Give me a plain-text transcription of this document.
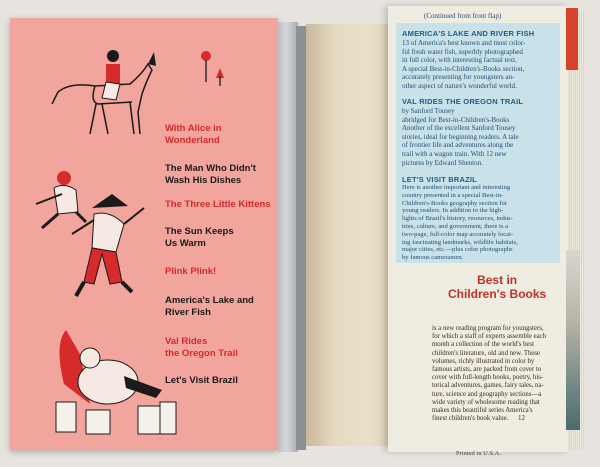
With Alice in
Wonderland
The Man Who Didn't
Wash His Dishes
The Three Little Kittens
The Sun Keeps
Us Warm
Plink Plink!
America's Lake and
River Fish
Val Rides
the Oregon Trail
Let's Visit Brazil
(Continued from front flap)
AMERICA'S LAKE AND RIVER FISH
13 of America's best known and most color-
ful fresh water fish, superbly photographed
in full color, with interesting factual text.
A special Best-in-Children's-Books section,
accurately presenting for youngsters an-
other aspect of nature's wonderful world.
VAL RIDES THE OREGON TRAIL
by Sanford Tousey
abridged for Best-in-Children's-Books
Another of the excellent Sanford Tousey
stories, ideal for beginning readers. A tale
of frontier life and adventures along the
trail with a wagon train. With 12 new
pictures by Edward Shenton.
LET'S VISIT BRAZIL
Here is another important and interesting
country presented in a special Best-in-
Children's-Books geography section for
young readers. In addition to the high-
lights of Brazil's history, resources, indus-
tries, culture, and government, there is a
two-page, full-color map accurately locat-
ing fascinating landmarks, wildlife habitats,
major cities, etc.—plus color photographs
by famous cameramen.
Best in
Children's Books
is a new reading program for youngsters,
for which a staff of experts assemble each
month a collection of the world's best
children's literature, old and new. These
volumes, richly illustrated in color by
famous artists, are packed from cover to
cover with full-length books, poetry, his-
torical adventures, games, fairy tales, na-
ture, science and geography sections—a
wide variety of wholesome reading that
makes this beautiful series America's
finest children's book value.	12
Printed in U.S.A.
